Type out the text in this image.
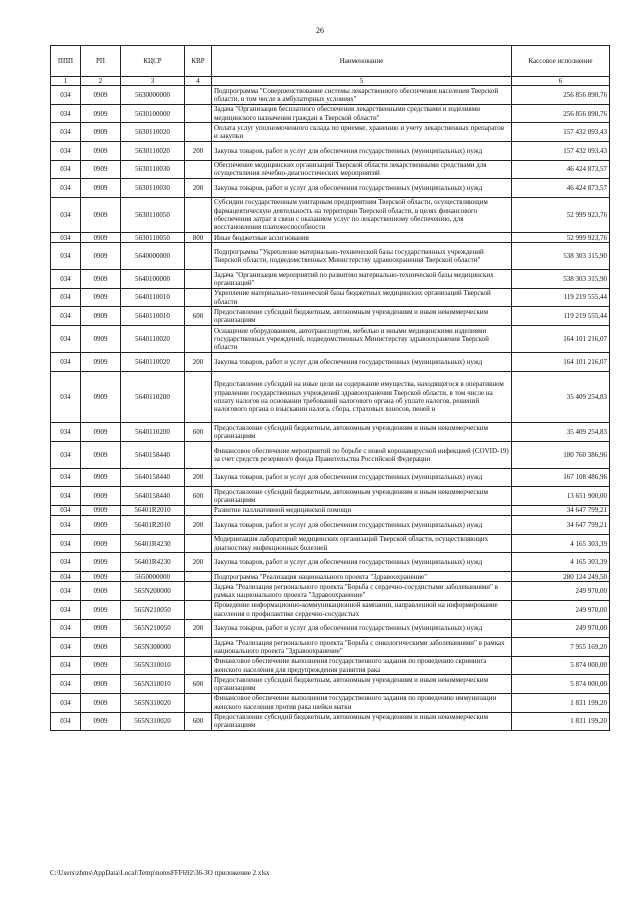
26
ППП	РП	КЦСР	КВР	Наименование	Кассовое исполнение
1	2	3	4	5	6
034	0909	5630000000		Подпрограмма "Совершенствование системы лекарственного обеспечения населения Тверской области, в том числе в амбулаторных условиях"	256 856 890,76
034	0909	5630100000		Задача "Организация бесплатного обеспечения лекарственными средствами и изделиями медицинского назначения граждан в Тверской области"	256 856 890,76
034	0909	5630110020		Оплата услуг уполномоченного склада по приемке, хранению и учету лекарственных препаратов и закупки	157 432 093,43
034	0909	5630110020	200	Закупка товаров, работ и услуг для обеспечения государственных (муниципальных) нужд	157 432 093,43
034	0909	5630110030		Обеспечение медицинских организаций Тверской области лекарственными средствами для осуществления лечебно-диагностических мероприятий	46 424 873,57
034	0909	5630110030	200	Закупка товаров, работ и услуг для обеспечения государственных (муниципальных) нужд	46 424 873,57
034	0909	5630110050		Субсидии государственным унитарным предприятиям Тверской области, осуществляющим фармацевтическую деятельность на территории Тверской области, в целях финансового обеспечения затрат в связи с оказанием услуг по лекарственному обеспечению, для восстановления платежеспособности	52 999 923,76
034	0909	5630110050	800	Иные бюджетные ассигнования	52 999 923,76
034	0909	5640000000		Подпрограмма "Укрепление материально-технической базы государственных учреждений Тверской области, подведомственных Министерству здравоохранения Тверской области"	538 303 315,90
034	0909	5640100000		Задача "Организация мероприятий по развитию материально-технической базы медицинских организаций"	538 303 315,90
034	0909	5640110010		Укрепление материально-технической базы бюджетных медицинских организаций Тверской области	119 219 555,44
034	0909	5640110010	600	Предоставление субсидий бюджетным, автономным учреждениям и иным некоммерческим организациям	119 219 555,44
034	0909	5640110020		Оснащение оборудованием, автотранспортом, мебелью и иными медицинскими изделиями государственных учреждений, подведомственных Министерству здравоохранения Тверской области	164 101 216,07
034	0909	5640110020	200	Закупка товаров, работ и услуг для обеспечения государственных (муниципальных) нужд	164 101 216,07
034	0909	5640110200		Предоставление субсидий на иные цели на содержание имущества, находящегося в оперативном управлении государственных учреждений здравоохранения Тверской области, в том числе на оплату налогов на основании требований налогового органа об уплате налогов, решений налогового органа о взыскании налога, сбора, страховых взносов, пеней и	35 409 254,83
034	0909	5640110200	600	Предоставление субсидий бюджетным, автономным учреждениям и иным некоммерческим организациям	35 409 254,83
034	0909	5640158440		Финансовое обеспечение мероприятий по борьбе с новой коронавирусной инфекцией (COVID-19) за счет средств резервного фонда Правительства Российской Федерации	180 760 386,96
034	0909	5640158440	200	Закупка товаров, работ и услуг для обеспечения государственных (муниципальных) нужд	167 108 486,96
034	0909	5640158440	600	Предоставление субсидий бюджетным, автономным учреждениям и иным некоммерческим организациям	13 651 900,00
034	0909	56401R2010		Развитие паллиативной медицинской помощи	34 647 799,21
034	0909	56401R2010	200	Закупка товаров, работ и услуг для обеспечения государственных (муниципальных) нужд	34 647 799,21
034	0909	56401R4230		Модернизация лабораторий медицинских организаций Тверской области, осуществляющих диагностику инфекционных болезней	4 165 303,39
034	0909	56401R4230	200	Закупка товаров, работ и услуг для обеспечения государственных (муниципальных) нужд	4 165 303,39
034	0909	5650000000		Подпрограмма "Реализация национального проекта "Здравоохранение"	280 124 249,50
034	0909	565N200000		Задача "Реализация регионального проекта "Борьба с сердечно-сосудистыми заболеваниями" в рамках национального проекта "Здравоохранение"	249 970,00
034	0909	565N210050		Проведение информационно-коммуникационной кампании, направленной на информирование населения о профилактике сердечно-сосудистых	249 970,00
034	0909	565N210050	200	Закупка товаров, работ и услуг для обеспечения государственных (муниципальных) нужд	249 970,00
034	0909	565N300000		Задача "Реализация регионального проекта "Борьба с онкологическими заболеваниями" в рамках национального проекта "Здравоохранение"	7 955 169,20
034	0909	565N310010		Финансовое обеспечение выполнения государственного задания по проведению скрининга женского населения для предупреждения развития рака	5 874 000,00
034	0909	565N310010	600	Предоставление субсидий бюджетным, автономным учреждениям и иным некоммерческим организациям	5 874 000,00
034	0909	565N310020		Финансовое обеспечение выполнения государственного задания по проведению иммунизации женского населения против рака шейки матки	1 831 199,20
034	0909	565N310020	600	Предоставление субсидий бюджетным, автономным учреждениям и иным некоммерческим организациям	1 831 199,20
C:\Users\zhms\AppData\Local\Temp\notesFFF692\36-ЗО приложение 2.xlsx
